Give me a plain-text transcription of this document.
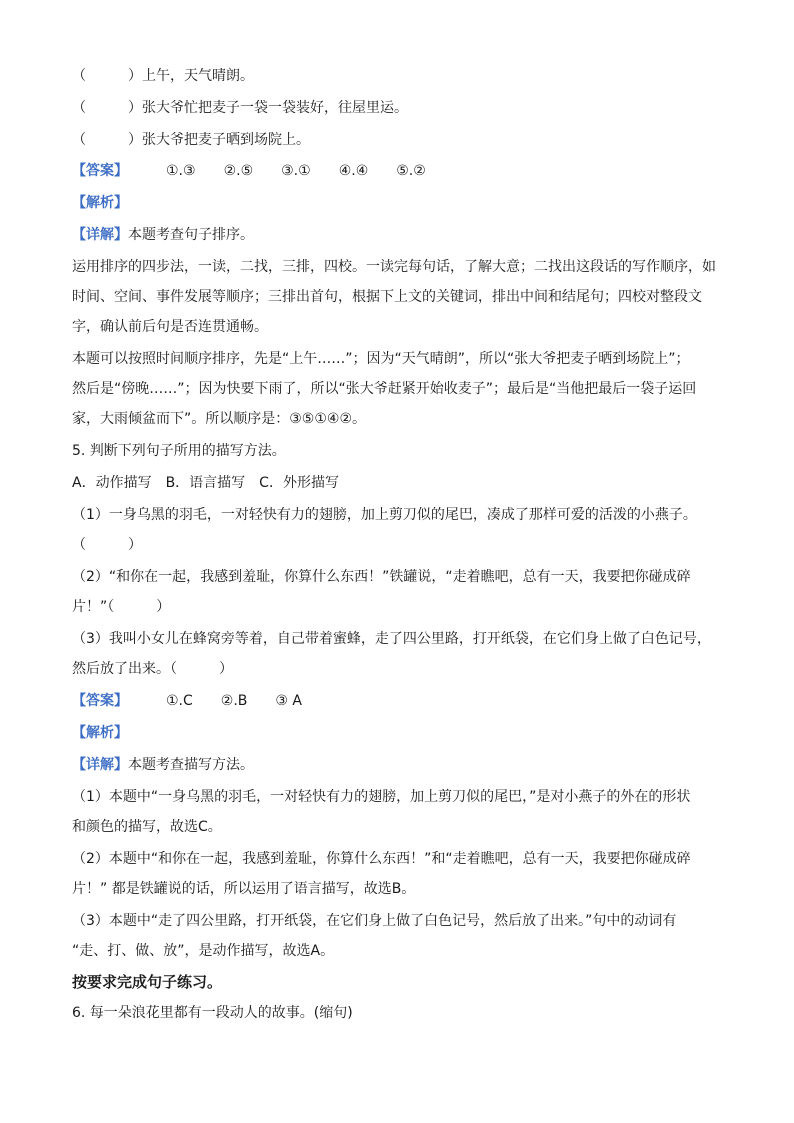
（　　　）上午，天气晴朗。
（　　　）张大爷忙把麦子一袋一袋装好，往屋里运。
（　　　）张大爷把麦子晒到场院上。
【答案】	①.③ ②.⑤ ③.① ④.④ ⑤.②
【解析】
【详解】本题考查句子排序。
运用排序的四步法，一读，二找，三排，四校。一读完每句话，了解大意；二找出这段话的写作顺序，如
时间、空间、事件发展等顺序；三排出首句，根据下上文的关键词，排出中间和结尾句；四校对整段文
字，确认前后句是否连贯通畅。
本题可以按照时间顺序排序，先是“上午……”；因为“天气晴朗”，所以“张大爷把麦子晒到场院上”；
然后是“傍晚……”；因为快要下雨了，所以“张大爷赶紧开始收麦子”；最后是“当他把最后一袋子运回
家，大雨倾盆而下”。所以顺序是：③⑤①④②。
5. 判断下列句子所用的描写方法。
A．动作描写　B．语言描写　C．外形描写
（1）一身乌黑的羽毛，一对轻快有力的翅膀，加上剪刀似的尾巴，凑成了那样可爱的活泼的小燕子。
（　　　）
（2）“和你在一起，我感到羞耻，你算什么东西！”铁罐说，“走着瞧吧，总有一天，我要把你碰成碎
片！”（　　　）
（3）我叫小女儿在蜂窝旁等着，自己带着蜜蜂，走了四公里路，打开纸袋，在它们身上做了白色记号，
然后放了出来。（　　　）
【答案】	①.C ②.B ③ A
【解析】
【详解】本题考查描写方法。
（1）本题中“一身乌黑的羽毛，一对轻快有力的翅膀，加上剪刀似的尾巴，”是对小燕子的外在的形状
和颜色的描写，故选C。
（2）本题中“和你在一起，我感到羞耻，你算什么东西！”和“走着瞧吧，总有一天，我要把你碰成碎
片！” 都是铁罐说的话，所以运用了语言描写，故选B。
（3）本题中“走了四公里路，打开纸袋，在它们身上做了白色记号，然后放了出来。”句中的动词有
“走、打、做、放”，是动作描写，故选A。
按要求完成句子练习。
6. 每一朵浪花里都有一段动人的故事。(缩句)
